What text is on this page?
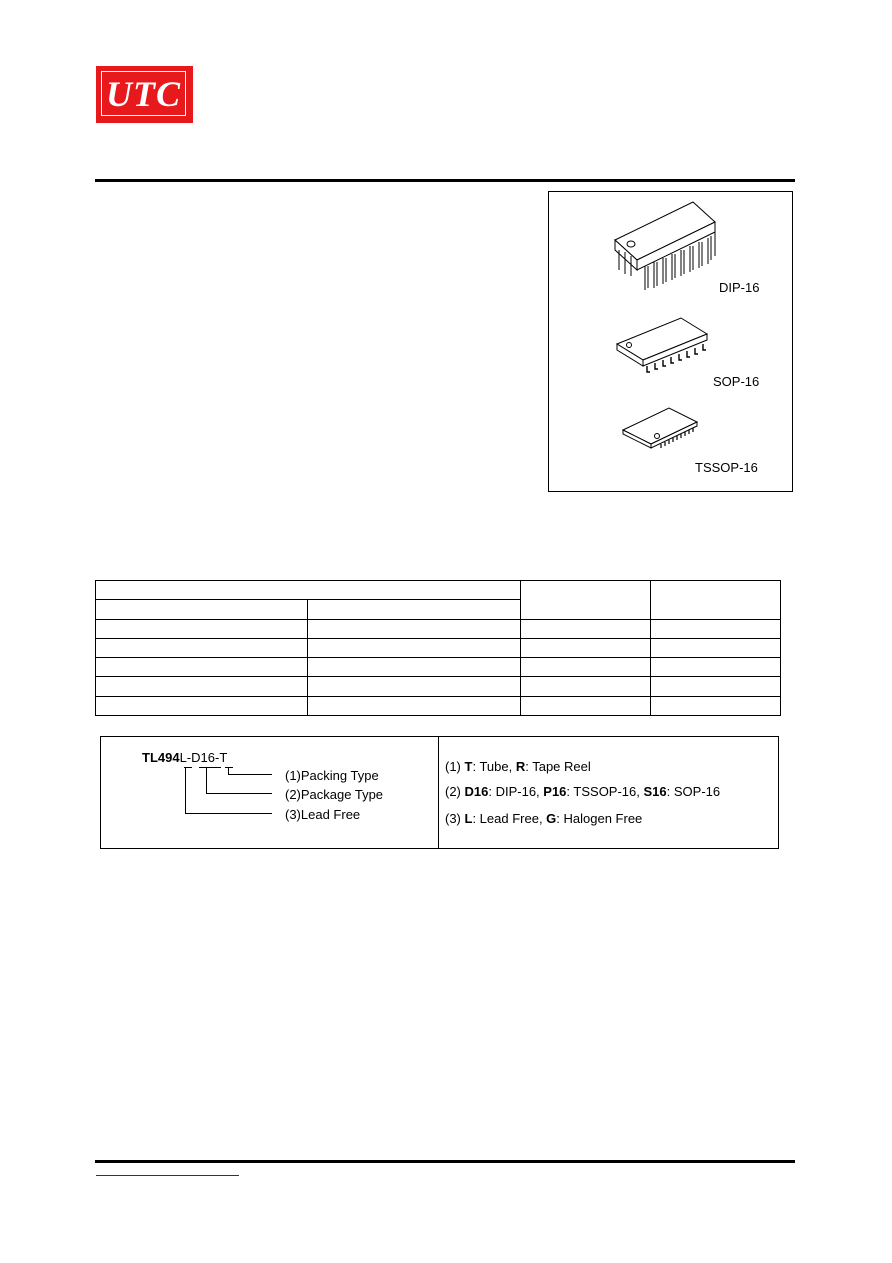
UTC
DIP-16
SOP-16
TSSOP-16

TL494L-D16-T
(1)Packing Type
(2)Package Type
(3)Lead Free
(1) T: Tube, R: Tape Reel
(2) D16: DIP-16, P16: TSSOP-16, S16: SOP-16
(3) L: Lead Free, G: Halogen Free
